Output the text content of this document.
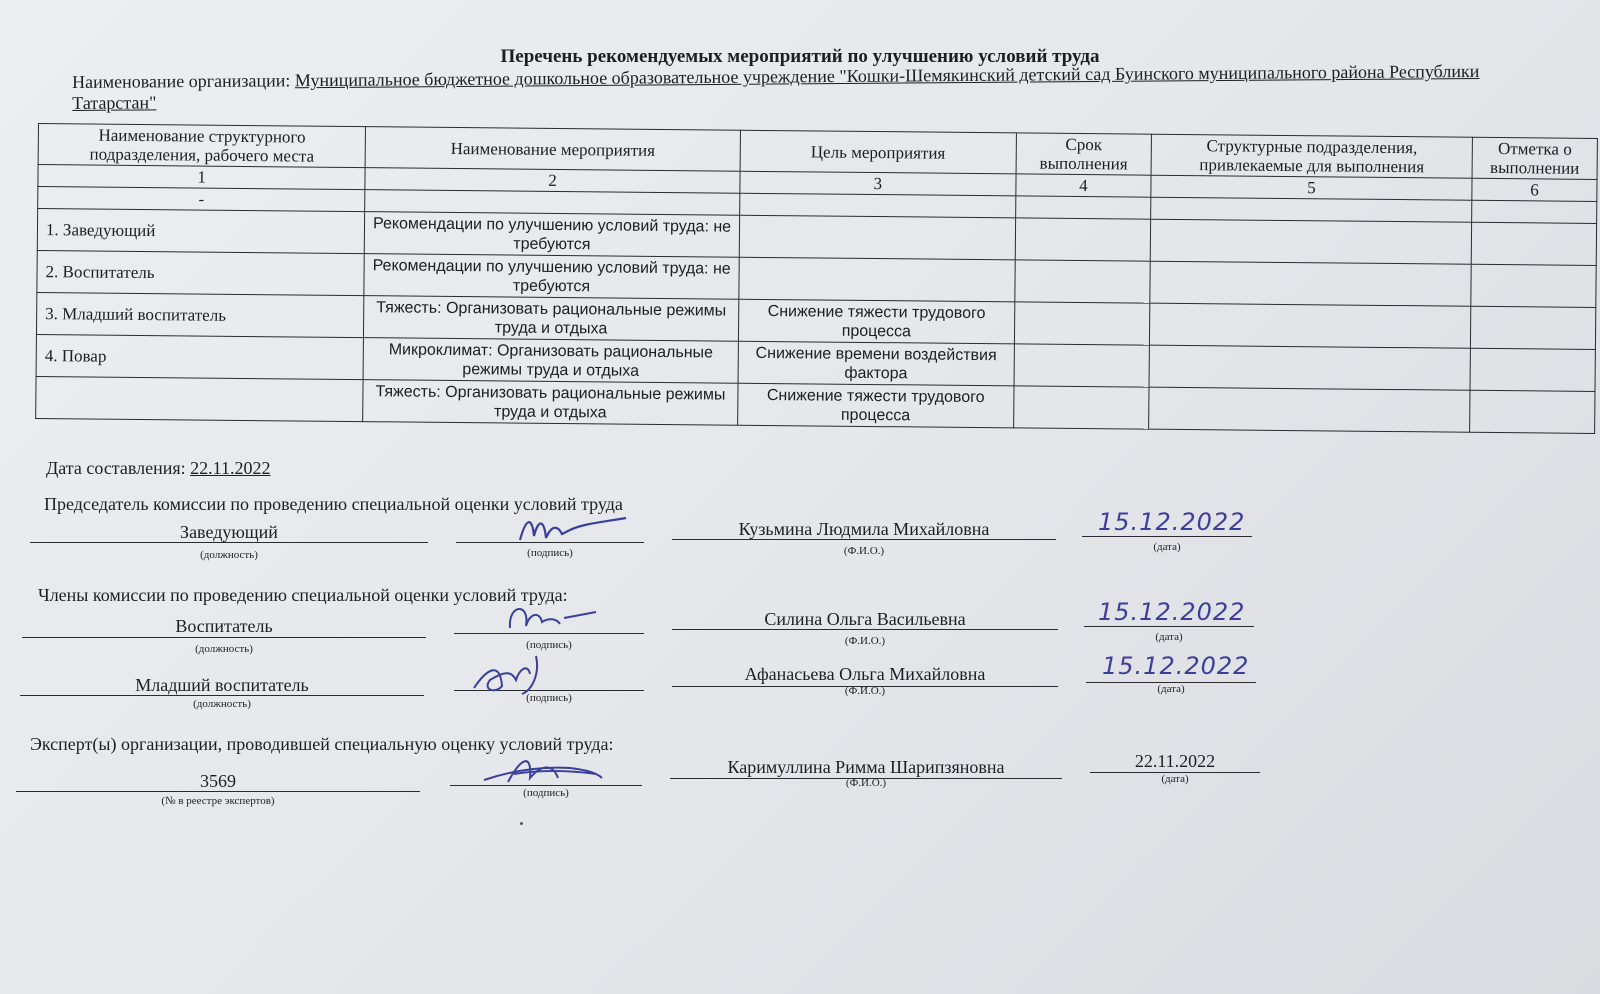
Перечень рекомендуемых мероприятий по улучшению условий труда
Наименование организации: Муниципальное бюджетное дошкольное образовательное учреждение "Кошки-Шемякинский детский сад Буинского муниципального района Республики Татарстан"
Наименование структурного подразделения, рабочего места	Наименование мероприятия	Цель мероприятия	Срок выполнения	Структурные подразделения, привлекаемые для выполнения	Отметка о выполнении
1	2	3	4	5	6
-					
1. Заведующий	Рекомендации по улучшению условий труда: не требуются				
2. Воспитатель	Рекомендации по улучшению условий труда: не требуются				
3. Младший воспитатель	Тяжесть: Организовать рациональные режимы труда и отдыха	Снижение тяжести трудового процесса			
4. Повар	Микроклимат: Организовать рациональные режимы труда и отдыха	Снижение времени воздействия фактора			
	Тяжесть: Организовать рациональные режимы труда и отдыха	Снижение тяжести трудового процесса			
Дата составления: 22.11.2022
Председатель комиссии по проведению специальной оценки условий труда
Заведующий
(должность)	(подпись)
Кузьмина Людмила Михайловна
(Ф.И.О.)
15.12.2022
(дата)
Члены комиссии по проведению специальной оценки условий труда:
Воспитатель
(должность)	(подпись)
Силина Ольга Васильевна
(Ф.И.О.)
15.12.2022
(дата)
Младший воспитатель
(должность)	(подпись)
Афанасьева Ольга Михайловна
(Ф.И.О.)
15.12.2022
(дата)
Эксперт(ы) организации, проводившей специальную оценку условий труда:
3569
(№ в реестре экспертов)
(подпись)
Каримуллина Римма Шарипзяновна
(Ф.И.О.)
22.11.2022
(дата)
